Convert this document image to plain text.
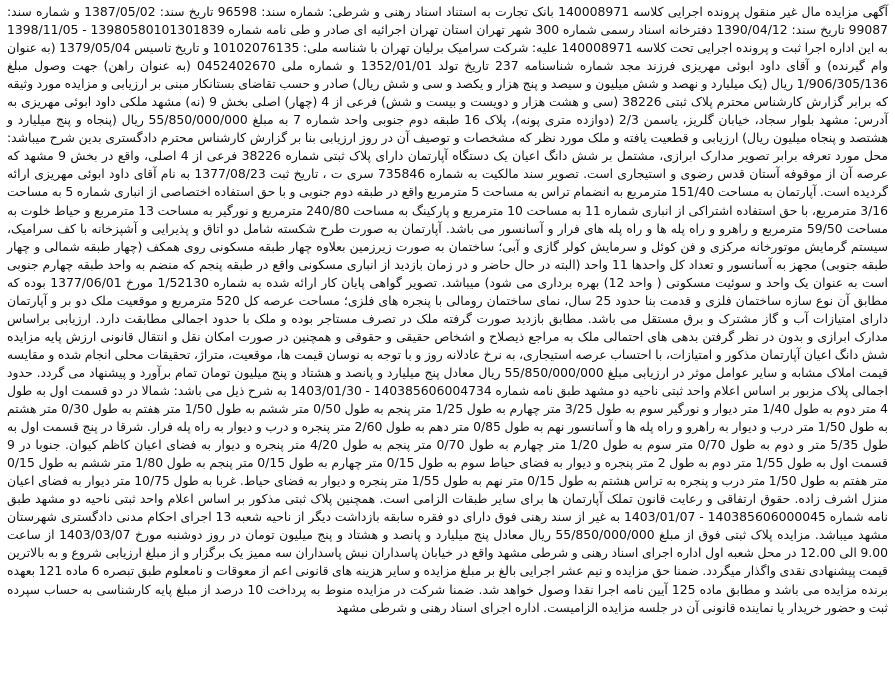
آگهی مزایده مال غیر منقول پرونده اجرایی کلاسه 140008971 بانک تجارت به استناد اسناد رهنی و شرطی: شماره سند: 96598 تاریخ سند: 1387/05/02 و شماره سند: 99087 تاریخ سند: 1390/04/12 دفترخانه اسناد رسمی شماره 300 شهر تهران استان تهران اجرائیه ای صادر و طی نامه شماره 13980580101301839 - 1398/11/05 به این اداره اجرا ثبت و پرونده اجرایی تحت کلاسه 140008971 علیه: شرکت سرامیک برلیان تهران با شناسه ملی: 10102076135 و تاریخ تاسیس 1379/05/04 (به عنوان وام گیرنده) و آقای داود ابوئی مهریزی فرزند مجد شماره شناسنامه 237 تاریخ تولد 1352/01/01 و شماره ملی 0452402670 (به عنوان راهن) جهت وصول مبلغ 1/906/305/136 ریال (یک میلیارد و نهصد و شش میلیون و سیصد و پنج هزار و یکصد و سی و شش ریال) صادر و حسب تقاضای بستانکار مبنی بر ارزیابی و مزایده مورد وثیقه که برابر گزارش کارشناس محترم پلاک ثبتی 38226 (سی و هشت هزار و دویست و بیست و شش) فرعی از 4 (چهار) اصلی بخش 9 (نه) مشهد ملکی داود ابوئی مهریزی به آدرس: مشهد بلوار سجاد، خیابان گلریز، یاسمن 2/3 (دوازده متری پونه)، پلاک 16 طبقه دوم جنوبی واحد شماره 7 به مبلغ 55/850/000/000 ریال (پنجاه و پنج میلیارد و هشتصد و پنجاه میلیون ریال) ارزیابی و قطعیت یافته و ملک مورد نظر که مشخصات و توصیف آن در روز ارزیابی بنا بر گزارش کارشناس محترم دادگستری بدین شرح میباشد: محل مورد تعرفه برابر تصویر مدارک ابرازی، مشتمل بر شش دانگ اعیان یک دستگاه آپارتمان دارای پلاک ثبتی شماره 38226 فرعی از 4 اصلی، واقع در بخش 9 مشهد که عرصه آن از موقوفه آستان قدس رضوی و استیجاری است. تصویر سند مالکیت به شماره 735846 سری ت ، تاریخ ثبت 1377/08/23 به نام آقای داود ابوئی مهریزی ارائه گردیده است. آپارتمان به مساحت 151/40 مترمربع به انضمام تراس به مساحت 5 مترمربع واقع در طبقه دوم جنوبی و با حق استفاده اختصاصی از انباری شماره 5 به مساحت 3/16 مترمربع، با حق استفاده اشتراکی از انباری شماره 11 به مساحت 10 مترمربع و پارکینگ به مساحت 240/80 مترمربع و نورگیر به مساحت 13 مترمربع و حیاط خلوت به مساحت 59/50 مترمربع و راهرو و راه پله ها و راه پله های فرار و آسانسور می باشد. آپارتمان به صورت طرح شکسته شامل دو اتاق و پذیرایی و آشپزخانه با کف سرامیک، سیستم گرمایش موتورخانه مرکزی و فن کوئل و سرمایش کولر گازی و آبی؛ ساختمان به صورت زیرزمین بعلاوه چهار طبقه مسکونی روی همکف (چهار طبقه شمالی و چهار طبقه جنوبی) مجهز به آسانسور و تعداد کل واحدها 11 واحد (البته در حال حاضر و در زمان بازدید از انباری مسکونی واقع در طبقه پنجم که منضم به واحد طبقه چهارم جنوبی است به عنوان یک واحد و سوئیت مسکونی ( واحد 12) بهره برداری می شود) میباشد. تصویر گواهی پایان کار ارائه شده به شماره 1/52130 مورخ 1377/06/01 بوده که مطابق آن نوع سازه ساختمان فلزی و قدمت بنا حدود 25 سال، نمای ساختمان رومالی با پنجره های فلزی؛ مساحت عرصه کل 520 مترمربع و موقعیت ملک دو بر و آپارتمان دارای امتیازات آب و گاز مشترک و برق مستقل می باشد. مطابق بازدید صورت گرفته ملک در تصرف مستاجر بوده و ملک با حدود اجمالی مطابقت دارد. ارزیابی براساس مدارک ابرازی و بدون در نظر گرفتن بدهی های احتمالی ملک به مراجع ذیصلاح و اشخاص حقیقی و حقوقی و همچنین در صورت امکان نقل و انتقال قانونی ارزش پایه مزایده شش دانگ اعیان آپارتمان مذکور و امتیازات، با احتساب عرصه استیجاری، به نرخ عادلانه روز و با توجه به نوسان قیمت ها، موقعیت، متراژ، تحقیقات محلی انجام شده و مقایسه قیمت املاک مشابه و سایر عوامل موثر در ارزیابی مبلغ 55/850/000/000 ریال معادل پنج میلیارد و پانصد و هشتاد و پنج میلیون تومان تمام برآورد و پیشنهاد می گردد. حدود اجمالی پلاک مزبور بر اساس اعلام واحد ثبتی ناحیه دو مشهد طبق نامه شماره 140385606004734 - 1403/01/30 به شرح ذیل می باشد: شمالا در دو قسمت اول به طول 4 متر دوم به طول 1/40 متر دیوار و نورگیر سوم به طول 3/25 متر چهارم به طول 1/25 متر پنجم به طول 0/50 متر ششم به طول 1/50 متر هفتم به طول 0/30 متر هشتم به طول 1/50 متر درب و دیوار به راهرو و راه پله ها و آسانسور نهم به طول 0/85 متر دهم به طول 2/60 متر پنجره و درب و دیوار به راه پله فرار. شرقا در پنج قسمت اول به طول 5/35 متر و دوم به طول 0/70 متر سوم به طول 1/20 متر چهارم به طول 0/70 متر پنجم به طول 4/20 متر پنجره و دیوار به فضای اعیان کاظم کیوان. جنوبا در 9 قسمت اول به طول 1/55 متر دوم به طول 2 متر پنجره و دیوار به فضای حیاط سوم به طول 0/15 متر چهارم به طول 0/15 متر پنجم به طول 1/80 متر ششم به طول 0/15 متر هفتم به طول 1/50 متر درب و پنجره به تراس هشتم به طول 0/15 متر نهم به طول 1/55 متر پنجره و دیوار به فضای حیاط. غربا به طول 10/75 متر دیوار به فضای اعیان منزل اشرف زاده. حقوق ارتفاقی و رعایت قانون تملک آپارتمان ها برای سایر طبقات الزامی است. همچنین پلاک ثبتی مذکور بر اساس اعلام واحد ثبتی ناحیه دو مشهد طبق نامه شماره 140385606000045 - 1403/01/07 به غیر از سند رهنی فوق دارای دو فقره سابقه بازداشت دیگر از ناحیه شعبه 13 اجرای احکام مدنی دادگستری شهرستان مشهد میباشد. مزایده پلاک ثبتی فوق از مبلغ 55/850/000/000 ریال معادل پنج میلیارد و پانصد و هشتاد و پنج میلیون تومان در روز دوشنبه مورخ 1403/03/07 از ساعت 9.00 الی 12.00 در محل شعبه اول اداره اجرای اسناد رهنی و شرطی مشهد واقع در خیابان پاسداران نبش پاسداران سه ممیز یک برگزار و از مبلغ ارزیابی شروع و به بالاترین قیمت پیشنهادی نقدی واگذار میگردد. ضمنا حق مزایده و نیم عشر اجرایی بالغ بر مبلغ مزایده و سایر هزینه های قانونی اعم از معوقات و نامعلوم طبق تبصره 6 ماده 121 بعهده برنده مزایده می باشد و مطابق ماده 125 آیین نامه اجرا نقدا وصول خواهد شد. ضمنا شرکت در مزایده منوط به پرداخت 10 درصد از مبلغ پایه کارشناسی به حساب سپرده ثبت و حضور خریدار یا نماینده قانونی آن در جلسه مزایده الزامیست. اداره اجرای اسناد رهنی و شرطی مشهد
